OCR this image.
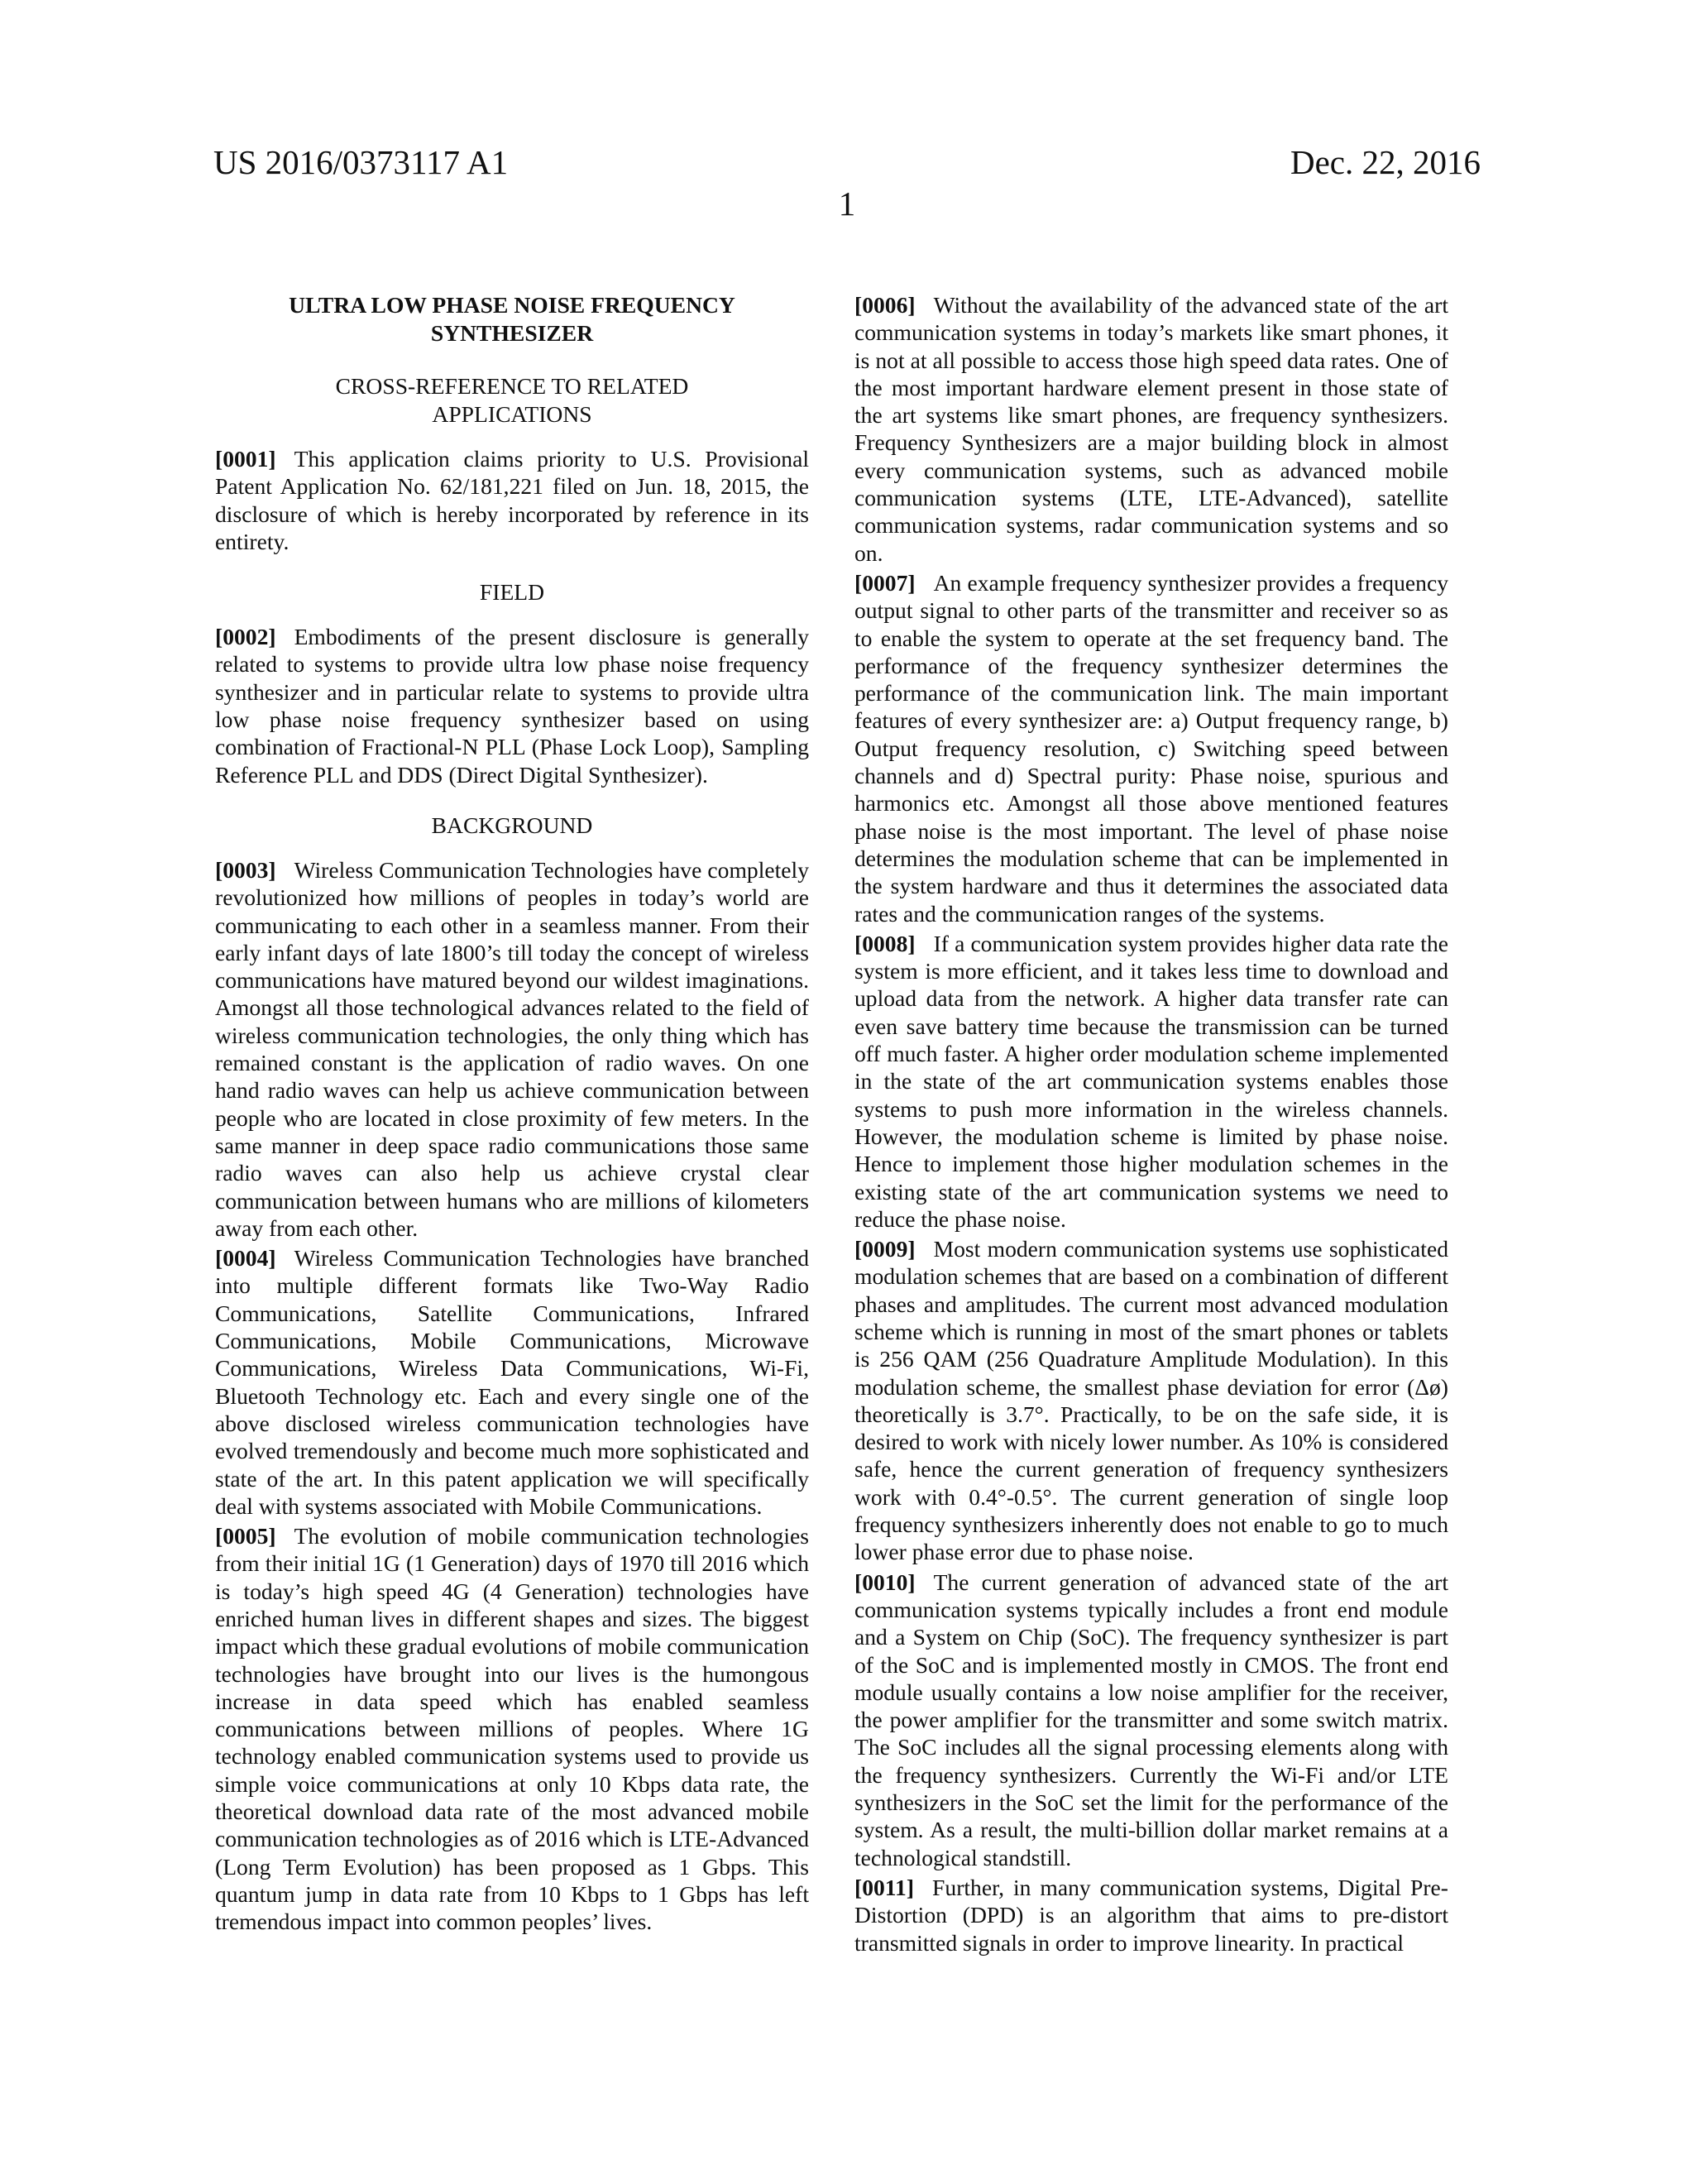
US 2016/0373117 A1	Dec. 22, 2016
1
ULTRA LOW PHASE NOISE FREQUENCY
SYNTHESIZER
CROSS-REFERENCE TO RELATED
APPLICATIONS

[0001] This application claims priority to U.S. Provisional Patent Application No. 62/181,221 filed on Jun. 18, 2015, the disclosure of which is hereby incorporated by reference in its entirety.

FIELD

[0002] Embodiments of the present disclosure is generally related to systems to provide ultra low phase noise frequency synthesizer and in particular relate to systems to provide ultra low phase noise frequency synthesizer based on using combination of Fractional-N PLL (Phase Lock Loop), Sampling Reference PLL and DDS (Direct Digital Synthesizer).

BACKGROUND

[0003] Wireless Communication Technologies have completely revolutionized how millions of peoples in today’s world are communicating to each other in a seamless manner. From their early infant days of late 1800’s till today the concept of wireless communications have matured beyond our wildest imaginations. Amongst all those technological advances related to the field of wireless communication technologies, the only thing which has remained constant is the application of radio waves. On one hand radio waves can help us achieve communication between people who are located in close proximity of few meters. In the same manner in deep space radio communications those same radio waves can also help us achieve crystal clear communication between humans who are millions of kilometers away from each other.

[0004] Wireless Communication Technologies have branched into multiple different formats like Two-Way Radio Communications, Satellite Communications, Infrared Communications, Mobile Communications, Microwave Communications, Wireless Data Communications, Wi-Fi, Bluetooth Technology etc. Each and every single one of the above disclosed wireless communication technologies have evolved tremendously and become much more sophisticated and state of the art. In this patent application we will specifically deal with systems associated with Mobile Communications.

[0005] The evolution of mobile communication technologies from their initial 1G (1 Generation) days of 1970 till 2016 which is today’s high speed 4G (4 Generation) technologies have enriched human lives in different shapes and sizes. The biggest impact which these gradual evolutions of mobile communication technologies have brought into our lives is the humongous increase in data speed which has enabled seamless communications between millions of peoples. Where 1G technology enabled communication systems used to provide us simple voice communications at only 10 Kbps data rate, the theoretical download data rate of the most advanced mobile communication technologies as of 2016 which is LTE-Advanced (Long Term Evolution) has been proposed as 1 Gbps. This quantum jump in data rate from 10 Kbps to 1 Gbps has left tremendous impact into common peoples’ lives.

[0006] Without the availability of the advanced state of the art communication systems in today’s markets like smart phones, it is not at all possible to access those high speed data rates. One of the most important hardware element present in those state of the art systems like smart phones, are frequency synthesizers. Frequency Synthesizers are a major building block in almost every communication systems, such as advanced mobile communication systems (LTE, LTE-Advanced), satellite communication systems, radar communication systems and so on.

[0007] An example frequency synthesizer provides a frequency output signal to other parts of the transmitter and receiver so as to enable the system to operate at the set frequency band. The performance of the frequency synthesizer determines the performance of the communication link. The main important features of every synthesizer are: a) Output frequency range, b) Output frequency resolution, c) Switching speed between channels and d) Spectral purity: Phase noise, spurious and harmonics etc. Amongst all those above mentioned features phase noise is the most important. The level of phase noise determines the modulation scheme that can be implemented in the system hardware and thus it determines the associated data rates and the communication ranges of the systems.

[0008] If a communication system provides higher data rate the system is more efficient, and it takes less time to download and upload data from the network. A higher data transfer rate can even save battery time because the transmission can be turned off much faster. A higher order modulation scheme implemented in the state of the art communication systems enables those systems to push more information in the wireless channels. However, the modulation scheme is limited by phase noise. Hence to implement those higher modulation schemes in the existing state of the art communication systems we need to reduce the phase noise.

[0009] Most modern communication systems use sophisticated modulation schemes that are based on a combination of different phases and amplitudes. The current most advanced modulation scheme which is running in most of the smart phones or tablets is 256 QAM (256 Quadrature Amplitude Modulation). In this modulation scheme, the smallest phase deviation for error (Δø) theoretically is 3.7°. Practically, to be on the safe side, it is desired to work with nicely lower number. As 10% is considered safe, hence the current generation of frequency synthesizers work with 0.4°-0.5°. The current generation of single loop frequency synthesizers inherently does not enable to go to much lower phase error due to phase noise.

[0010] The current generation of advanced state of the art communication systems typically includes a front end module and a System on Chip (SoC). The frequency synthesizer is part of the SoC and is implemented mostly in CMOS. The front end module usually contains a low noise amplifier for the receiver, the power amplifier for the transmitter and some switch matrix. The SoC includes all the signal processing elements along with the frequency synthesizers. Currently the Wi-Fi and/or LTE synthesizers in the SoC set the limit for the performance of the system. As a result, the multi-billion dollar market remains at a technological standstill.

[0011] Further, in many communication systems, Digital Pre-Distortion (DPD) is an algorithm that aims to pre-distort transmitted signals in order to improve linearity. In practical
